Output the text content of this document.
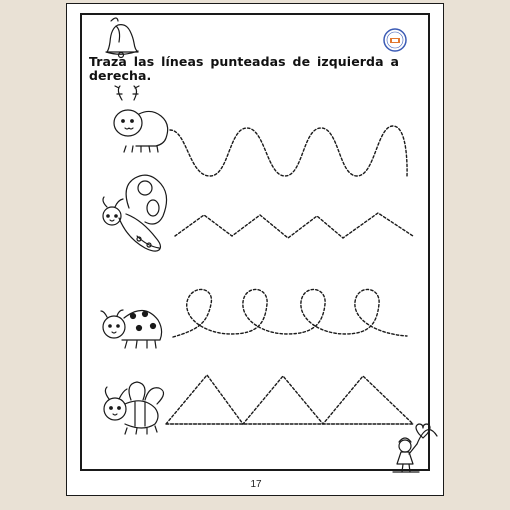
Traza las líneas punteadas de izquierda a derecha.

17
